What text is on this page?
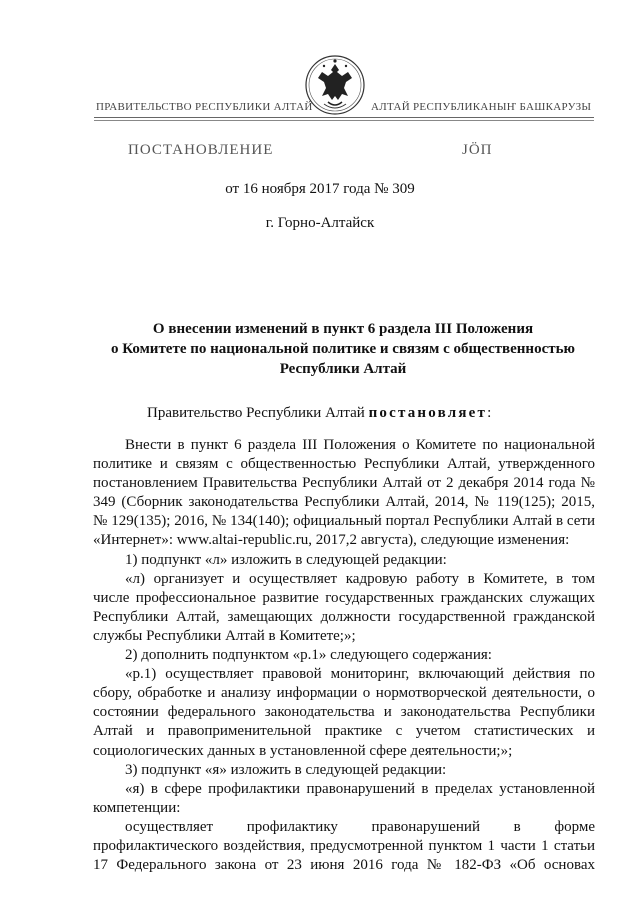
ПРАВИТЕЛЬСТВО РЕСПУБЛИКИ АЛТАЙ	АЛТАЙ РЕСПУБЛИКАНЫҤ БАШКАРУЗЫ
ПОСТАНОВЛЕНИЕ	ЈÖП
от 16 ноября 2017 года № 309
г. Горно-Алтайск
О внесении изменений в пункт 6 раздела III Положения
о Комитете по национальной политике и связям с общественностью
Республики Алтай
Правительство Республики Алтай постановляет:
Внести в пункт 6 раздела III Положения о Комитете по национальной
политике и связям с общественностью Республики Алтай, утвержденного
постановлением Правительства Республики Алтай от 2 декабря 2014 года №
349 (Сборник законодательства Республики Алтай, 2014, № 119(125); 2015,
№ 129(135); 2016, № 134(140); официальный портал Республики Алтай в сети
«Интернет»: www.altai-republic.ru, 2017,2 августа), следующие изменения:
1) подпункт «л» изложить в следующей редакции:
«л) организует и осуществляет кадровую работу в Комитете, в том
числе профессиональное развитие государственных гражданских служащих
Республики Алтай, замещающих должности государственной гражданской
службы Республики Алтай в Комитете;»;
2) дополнить подпунктом «р.1» следующего содержания:
«р.1) осуществляет правовой мониторинг, включающий действия по
сбору, обработке и анализу информации о нормотворческой деятельности, о
состоянии федерального законодательства и законодательства Республики
Алтай и правоприменительной практике с учетом статистических и
социологических данных в установленной сфере деятельности;»;
3) подпункт «я» изложить в следующей редакции:
«я) в сфере профилактики правонарушений в пределах установленной
компетенции:
осуществляет профилактику правонарушений в форме
профилактического воздействия, предусмотренной пунктом 1 части 1 статьи
17 Федерального закона от 23 июня 2016 года № 182-ФЗ «Об основах
